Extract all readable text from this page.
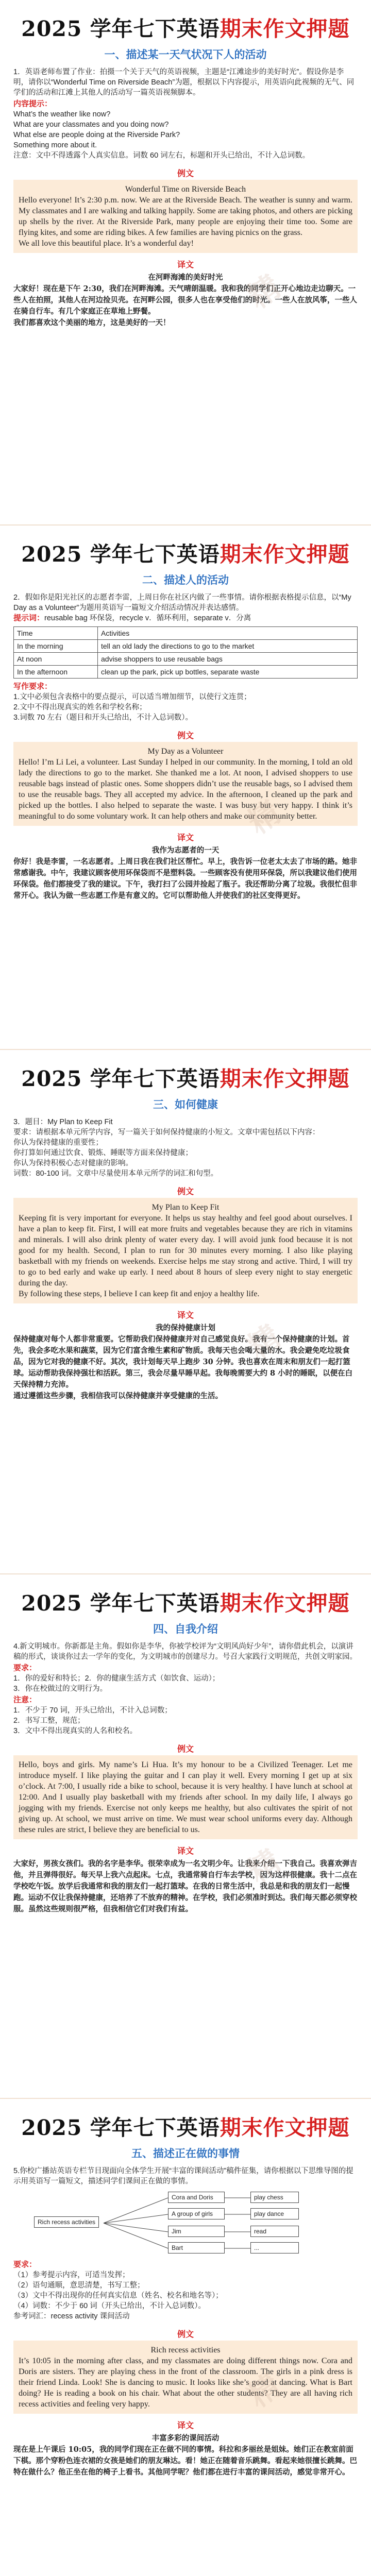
2025 学年七下英语 期末作文押题
一、描述某一天气状况下人的活动

1．英语老师布置了作业：拍摄一个关于天气的英语视频，主题是“江滩途步的美好时光”。假设你是李明，请你以“Wonderful Time on Riverside Beach”为题，根据以下内容提示，用英语向此视频的无气、同学们的活动和江滩上其他人的活动写一篇英语视频脚本。

内容提示：

What’s the weather like now?

What are your classmates and you doing now?

What else are people doing at the Riverside Park?

Something more about it.

注意：文中不得透露个人真实信息。词数 60 词左右，标题和开头已给出，不计入总词数。

例文

Wonderful Time on Riverside Beach

Hello everyone! It’s 2:30 p.m. now. We are at the Riverside Beach. The weather is sunny and warm. My classmates and I are walking and talking happily. Some are taking photos, and others are picking up shells by the river. At the Riverside Park, many people are enjoying their time too. Some are flying kites, and some are riding bikes. A few families are having picnics on the grass.

We all love this beautiful place. It’s a wonderful day!

译文

在河畔海滩的美好时光

大家好！现在是下午 2:30，我们在河畔海滩。天气晴朗温暖。我和我的同学们正开心地边走边聊天。一些人在拍照，其他人在河边捡贝壳。在河畔公园，很多人也在享受他们的时光。一些人在放风筝，一些人在骑自行车。有几个家庭正在草地上野餐。

我们都喜欢这个美丽的地方，这是美好的一天！

精
2025 学年七下英语 期末作文押题
二、描述人的活动

2．假如你是阳光社区的志愿者李雷，上周日你在社区内做了一些事情。请你根据表格提示信息，以“My Day as a Volunteer”为题用英语写一篇短文介绍活动情况并表达感情。

提示词：reusable bag 环保袋，recycle v．循环利用，separate v．分离

Time	Activities
In the morning	tell an old lady the directions to go to the market
At noon	advise shoppers to use reusable bags
In the afternoon	clean up the park, pick up bottles, separate waste

写作要求：

1.文中必须包含表格中的要点提示，可以适当增加细节，以使行文连贯；

2.文中不得出现真实的姓名和学校名称；

3.词数 70 左右（题目和开头已给出，不计入总词数）。

例文

My Day as a Volunteer

Hello! I’m Li Lei, a volunteer. Last Sunday I helped in our community. In the morning, I told an old lady the directions to go to the market. She thanked me a lot. At noon, I advised shoppers to use reusable bags instead of plastic ones. Some shoppers didn’t use the reusable bags, so I advised them to use the reusable bags. They all accepted my advice. In the afternoon, I cleaned up the park and picked up the bottles. I also helped to separate the waste. I was busy but very happy. I think it’s meaningful to do some voluntary work. It can help others and make our community better.

译文

我作为志愿者的一天

你好！我是李雷，一名志愿者。上周日我在我们社区帮忙。早上，我告诉一位老太太去了市场的路。她非常感谢我。中午，我建议顾客使用环保袋而不是塑料袋。一些顾客没有使用环保袋，所以我建议他们使用环保袋。他们都接受了我的建议。下午，我打扫了公园并捡起了瓶子。我还帮助分离了垃圾。我很忙但非常开心。我认为做一些志愿工作是有意义的。它可以帮助他人并使我们的社区变得更好。

精
2025 学年七下英语 期末作文押题
三、如何健康

3．题目：My Plan to Keep Fit

要求：请根据本单元所学内容，写一篇关于如何保持健康的小短文。文章中需包括以下内容：

你认为保持健康的重要性；

你打算如何通过饮食、锻炼、睡眠等方面来保持健康；

你认为保持积极心态对健康的影响。

词数：80-100 词。文章中尽量使用本单元所学的词汇和句型。

例文

My Plan to Keep Fit

Keeping fit is very important for everyone. It helps us stay healthy and feel good about ourselves. I have a plan to keep fit. First, I will eat more fruits and vegetables because they are rich in vitamins and minerals. I will also drink plenty of water every day. I will avoid junk food because it is not good for my health. Second, I plan to run for 30 minutes every morning. I also like playing basketball with my friends on weekends. Exercise helps me stay strong and active. Third, I will try to go to bed early and wake up early. I need about 8 hours of sleep every night to stay energetic during the day.

By following these steps, I believe I can keep fit and enjoy a healthy life.

译文

我的保持健康计划

保持健康对每个人都非常重要。它帮助我们保持健康并对自己感觉良好。我有一个保持健康的计划。首先，我会多吃水果和蔬菜，因为它们富含维生素和矿物质。我每天也会喝大量的水。我会避免吃垃圾食品，因为它对我的健康不好。其次，我计划每天早上跑步 30 分钟。我也喜欢在周末和朋友们一起打篮球。运动帮助我保持强壮和活跃。第三，我会尽量早睡早起。我每晚需要大约 8 小时的睡眠，以便在白天保持精力充沛。

通过遵循这些步骤，我相信我可以保持健康并享受健康的生活。

精
2025 学年七下英语 期末作文押题
四、自我介绍

4.新文明城市。你新都是主角。假如你是李华，你被学校评为“文明风尚好少年”，请你借此机会，以演讲稿的形式，谈谈你过去一学年的变化，为文明城市的创建尽力。号召大家践行文明规范，共创文明家园。

要求：

1．你的爱好和特长；2．你的健康生活方式（如饮食、运动）；

3．你在校做过的文明行为。

注意：

1．不少于 70 词，开头已给出，不计入总词数；

2．书写工整，规范；

3．文中不得出现真实的人名和校名。

例文

Hello, boys and girls. My name’s Li Hua. It’s my honour to be a Civilized Teenager. Let me introduce myself. I like playing the guitar and I can play it well. Every morning I get up at six o’clock. At 7:00, I usually ride a bike to school, because it is very healthy. I have lunch at school at 12:00. And I usually play basketball with my friends after school. In my daily life, I always go jogging with my friends. Exercise not only keeps me healthy, but also cultivates the spirit of not giving up. At school, we must arrive on time. We must wear school uniforms every day. Although these rules are strict, I believe they are beneficial to us.

译文

大家好，男孩女孩们。我的名字是李华。很荣幸成为一名文明少年。让我来介绍一下我自己。我喜欢弹吉他，并且弹得很好。每天早上我六点起床。七点，我通常骑自行车去学校，因为这样很健康。我十二点在学校吃午饭。放学后我通常和我的朋友们一起打篮球。在我的日常生活中，我总是和我的朋友们一起慢跑。运动不仅让我保持健康，还培养了不放弃的精神。在学校，我们必须准时到达。我们每天都必须穿校服。虽然这些规则很严格，但我相信它们对我们有益。

精
2025 学年七下英语 期末作文押题
五、描述正在做的事情

5.你校广播站英语专栏节目现面向全体学生开展“丰富的课间活动”稿件征集，请你根据以下思维导图的提示用英语写一篇短文，描述同学们课间正在做的事情。

Rich recess activities
Cora and Doris
A group of girls
Jim
Bart
play chess
play dance
read
...

要求：

（1）参考提示内容，可适当发挥；

（2）语句通顺，意思清楚，书写工整；

（3）文中不得出现你的任何真实信息（姓名、校名和地名等）；

（4）词数：不少于 60 词（开头已给出，不计入总词数）。

参考词汇：recess activity 课间活动

例文

Rich recess activities

It’s 10:05 in the morning after class, and my classmates are doing different things now. Cora and Doris are sisters. They are playing chess in the front of the classroom. The girls in a pink dress is their friend Linda. Look! She is dancing to music. It looks like she’s good at dancing. What is Bart doing? He is reading a book on his chair. What about the other students? They are all having rich recess activities and feeling very happy.

译文

丰富多彩的课间活动

现在是上午课后 10:05，我的同学们现在正在做不同的事情。科拉和多丽丝是姐妹。她们正在教室前面下棋。那个穿粉色连衣裙的女孩是她们的朋友琳达。看！她正在随着音乐跳舞。看起来她很擅长跳舞。巴特在做什么？他正坐在他的椅子上看书。其他同学呢？他们都在进行丰富的课间活动，感觉非常开心。

精
